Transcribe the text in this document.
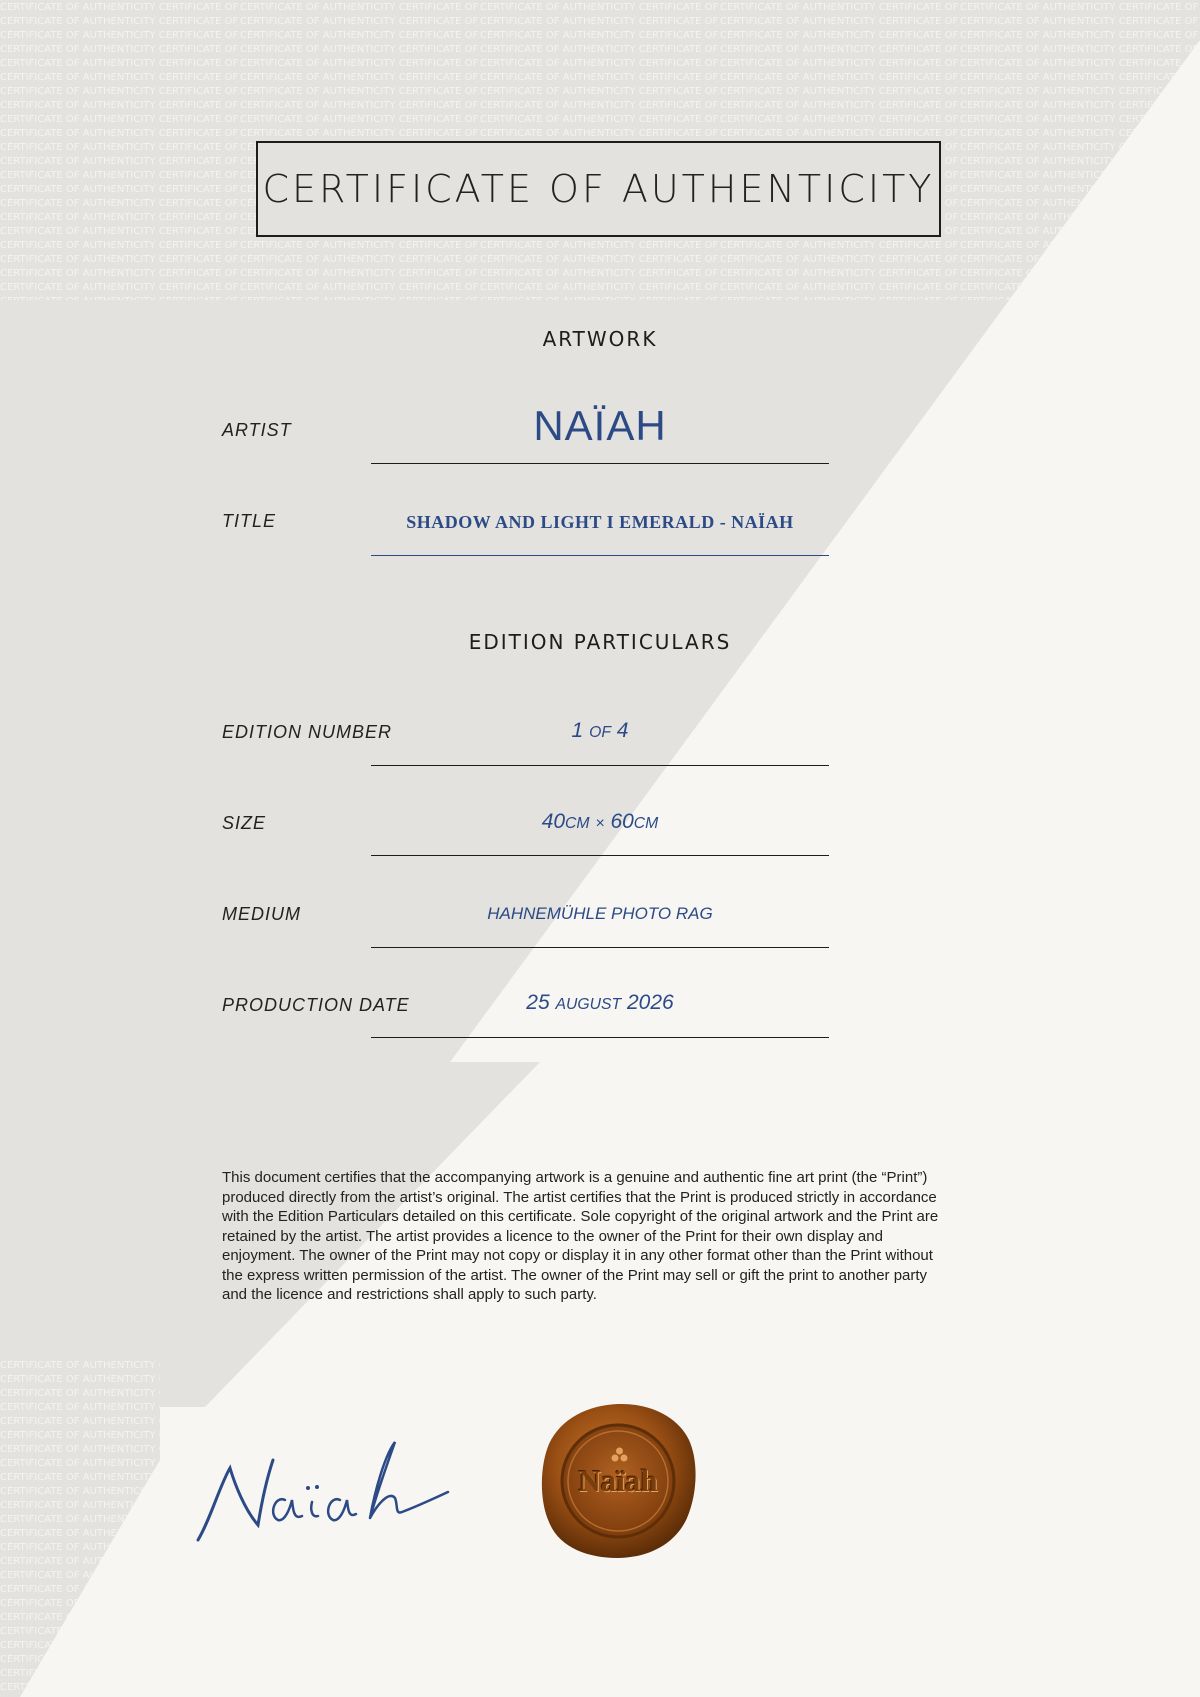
CERTIFICATE OF AUTHENTICITY
ARTWORK
ARTIST	NAÏAH
TITLE	SHADOW AND LIGHT I EMERALD - NAÏAH
EDITION PARTICULARS
EDITION NUMBER	1 OF 4
SIZE	40CM × 60CM
MEDIUM	HAHNEMÜHLE PHOTO RAG
PRODUCTION DATE	25 AUGUST 2026
This document certifies that the accompanying artwork is a genuine and authentic fine art print (the “Print”) produced directly from the artist’s original. The artist certifies that the Print is produced strictly in accordance with the Edition Particulars detailed on this certificate. Sole copyright of the original artwork and the Print are retained by the artist. The artist provides a licence to the owner of the Print for their own display and enjoyment. The owner of the Print may not copy or display it in any other format other than the Print without the express written permission of the artist. The owner of the Print may sell or gift the print to another party and the licence and restrictions shall apply to such party.
Naïah
